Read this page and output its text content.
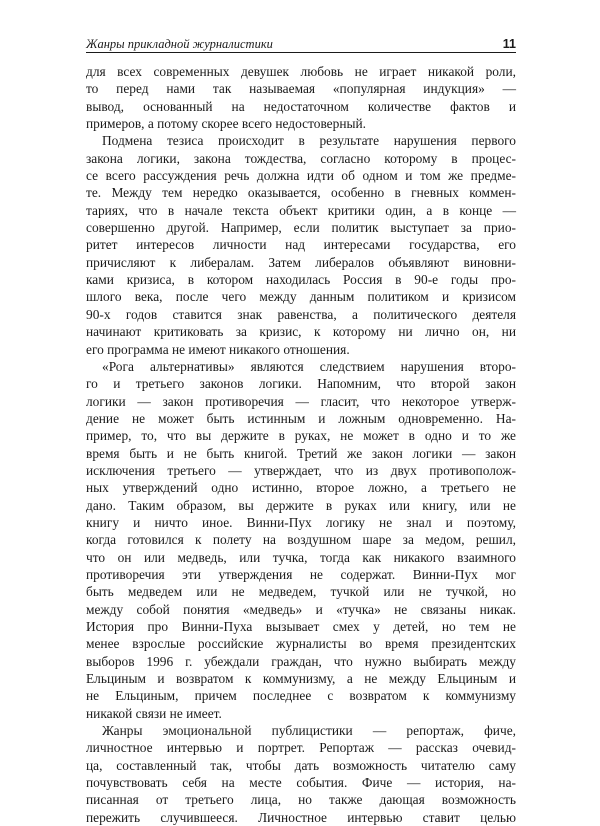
Жанры прикладной журналистики	11
для всех современных девушек любовь не играет никакой роли,
то перед нами так называемая «популярная индукция» —
вывод, основанный на недостаточном количестве фактов и
примеров, а потому скорее всего недостоверный.
Подмена тезиса происходит в результате нарушения первого
закона логики, закона тождества, согласно которому в процес-
се всего рассуждения речь должна идти об одном и том же предме-
те. Между тем нередко оказывается, особенно в гневных коммен-
тариях, что в начале текста объект критики один, а в конце —
совершенно другой. Например, если политик выступает за прио-
ритет интересов личности над интересами государства, его
причисляют к либералам. Затем либералов объявляют виновни-
ками кризиса, в котором находилась Россия в 90-е годы про-
шлого века, после чего между данным политиком и кризисом
90-х годов ставится знак равенства, а политического деятеля
начинают критиковать за кризис, к которому ни лично он, ни
его программа не имеют никакого отношения.
«Рога альтернативы» являются следствием нарушения второ-
го и третьего законов логики. Напомним, что второй закон
логики — закон противоречия — гласит, что некоторое утверж-
дение не может быть истинным и ложным одновременно. На-
пример, то, что вы держите в руках, не может в одно и то же
время быть и не быть книгой. Третий же закон логики — закон
исключения третьего — утверждает, что из двух противополож-
ных утверждений одно истинно, второе ложно, а третьего не
дано. Таким образом, вы держите в руках или книгу, или не
книгу и ничто иное. Винни-Пух логику не знал и поэтому,
когда готовился к полету на воздушном шаре за медом, решил,
что он или медведь, или тучка, тогда как никакого взаимного
противоречия эти утверждения не содержат. Винни-Пух мог
быть медведем или не медведем, тучкой или не тучкой, но
между собой понятия «медведь» и «тучка» не связаны никак.
История про Винни-Пуха вызывает смех у детей, но тем не
менее взрослые российские журналисты во время президентских
выборов 1996 г. убеждали граждан, что нужно выбирать между
Ельциным и возвратом к коммунизму, а не между Ельциным и
не Ельциным, причем последнее с возвратом к коммунизму
никакой связи не имеет.
Жанры эмоциональной публицистики — репортаж, фиче,
личностное интервью и портрет. Репортаж — рассказ очевид-
ца, составленный так, чтобы дать возможность читателю саму
почувствовать себя на месте события. Фиче — история, на-
писанная от третьего лица, но также дающая возможность
пережить случившееся. Личностное интервью ставит целью
